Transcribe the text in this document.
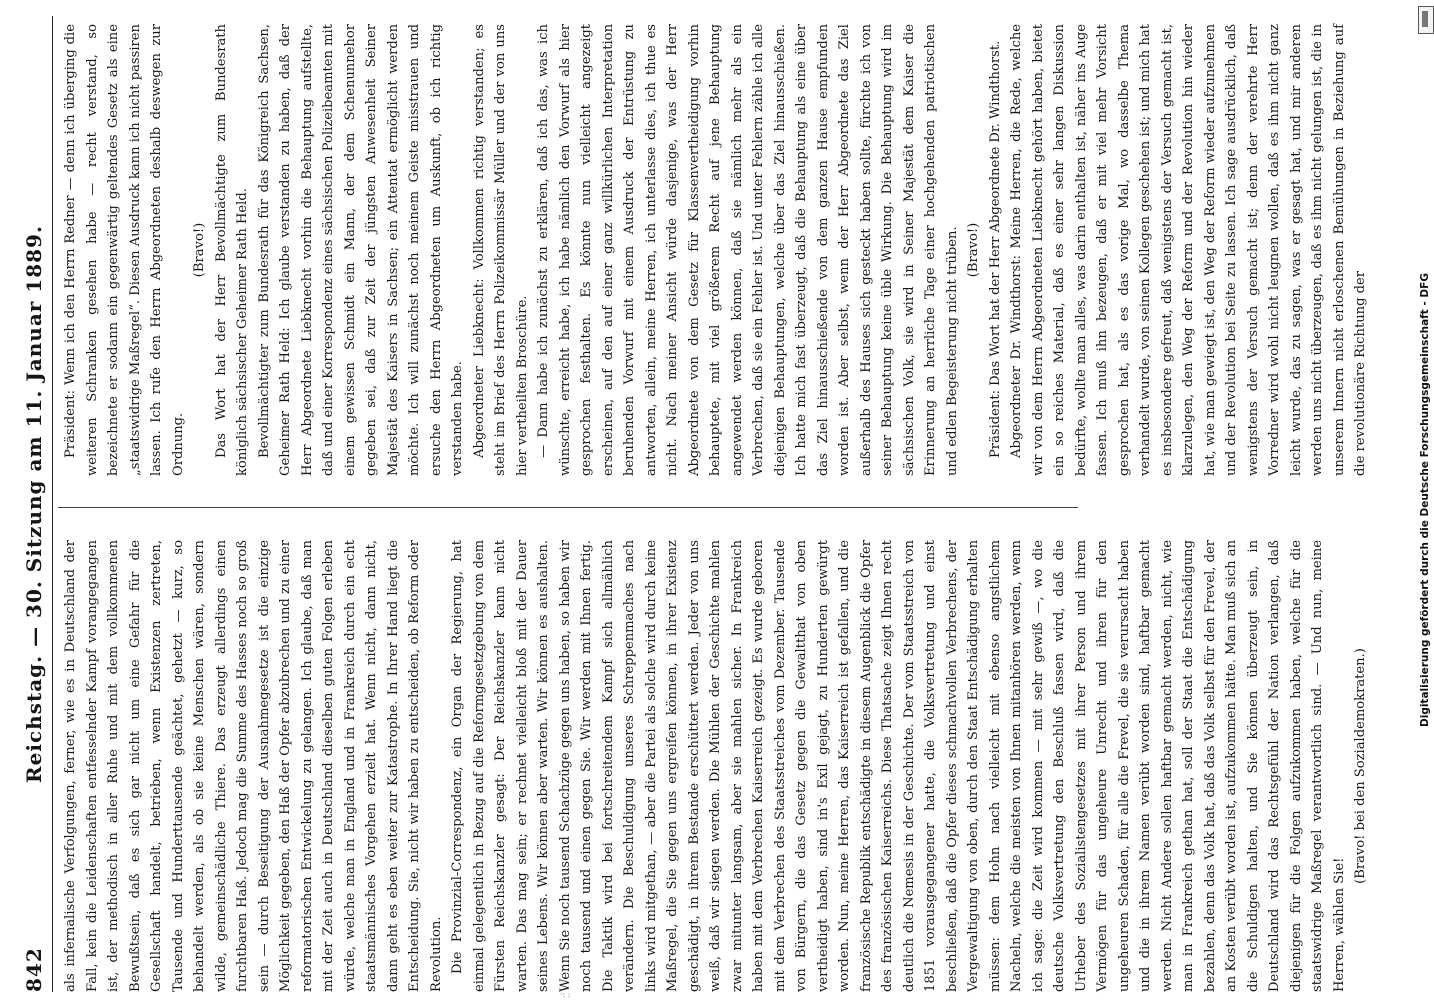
842
Reichstag. — 30. Sitzung am 11. Januar 1889. als infernalische Verfolgungen, ferner, wie es in Deutschland der Fall, kein die Leidenschaften entfesselnder Kampf vorangegangen ist, der methodisch in aller Ruhe und mit dem vollkommenen Bewußtsein, daß es sich gar nicht um eine Gefahr für die Gesellschaft handelt, betrieben, wenn Existenzen zertreten, Tausende und Hunderttausende geächtet, gehetzt — kurz, so behandelt werden, als ob sie keine Menschen wären, sondern wilde, gemeinschädliche Thiere. Das erzeugt allerdings einen furchtbaren Haß. Jedoch mag die Summe des Hasses noch so groß sein — durch Beseitigung der Ausnahmegesetze ist die einzige Möglichkeit gegeben, den Haß der Opfer abzubrechen und zu einer reformatorischen Entwickelung zu gelangen. Ich glaube, daß man mit der Zeit auch in Deutschland dieselben guten Folgen erleben würde, welche man in England und in Frankreich durch ein echt staatsmännisches Vorgehen erzielt hat. Wenn nicht, dann nicht, dann geht es eben weiter zur Katastrophe. In Ihrer Hand liegt die Entscheidung. Sie, nicht wir haben zu entscheiden, ob Reform oder Revolution. Die Provinzial-Correspondenz, ein Organ der Regierung, hat einmal gelegentlich in Bezug auf die Reformgesetzgebung von dem Fürsten Reichskanzler gesagt: Der Reichskanzler kann nicht warten. Das mag sein; er rechnet vielleicht bloß mit der Dauer seines Lebens. Wir können aber warten. Wir können es aushalten. Wenn Sie noch tausend Schachzüge gegen uns haben, so haben wir noch tausend und einen gegen Sie. Wir werden mit Ihnen fertig. Die Taktik wird bei fortschreitendem Kampf sich allmählich verändern. Die Beschuldigung unseres Schreppenmaches nach links wird mitgethan, — aber die Partei als solche wird durch keine Maßregel, die Sie gegen uns ergreifen können, in ihrer Existenz geschädigt, in ihrem Bestande erschüttert werden. Jeder von uns weiß, daß wir siegen werden. Die Mühlen der Geschichte mahlen zwar mitunter langsam, aber sie mahlen sicher. In Frankreich haben mit dem Verbrechen Kaiserreich gezeigt. Es wurde geboren mit dem Verbrechen des Staatsstreiches vom Dezember. Tausende von Bürgern, die das Gesetz gegen die Gewaltthat von oben vertheidigt haben, sind in's Exil gejagt, zu Hunderten gewürgt worden. Nun, meine Herren, das Kaiserreich ist gefallen, und die französische Republik entschädigte in diesem Augenblick die Opfer des französischen Kaiserreichs. Diese Thatsache zeigt Ihnen recht deutlich die Nemesis in der Geschichte. Der vom Staatsstreich von 1851 vorausgegangener hatte, die Volksvertretung und einst beschließen, daß die Opfer dieses schmachvollen Verbrechens, der Vergewaltigung von oben, durch den Staat Entschädigung erhalten müssen: dem Hohn nach vielleicht mit ebenso angstlichem Nacheln, welche die meisten von Ihnen mitanhören werden, wenn ich sage: die Zeit wird kommen — mit sehr gewiß —, wo die deutsche Volksvertretung den Beschluß fassen wird, daß die Urheber des Sozialistengesetzes mit ihrer Person und ihrem Vermögen für das ungeheure Unrecht und ihren für den ungeheuren Schaden, für alle die Frevel, die sie verursacht haben und die in ihrem Namen verübt worden sind, haftbar gemacht werden. Nicht Andere sollen haftbar gemacht werden, nicht, wie man in Frankreich gethan hat, soll der Staat die Entschädigung bezahlen, denn das Volk hat, daß das Volk selbst für den Frevel, der an Kosten verübt worden ist, aufzukommen hätte. Man muß sich an die Schuldigen halten, und Sie können überzeugt sein, in Deutschland wird das Rechtsgefühl der Nation verlangen, daß diejenigen für die Folgen aufzukommen haben, welche für die staatswidrige Maßregel verantwortlich sind. — Und nun, meine Herren, wählen Sie!

(Bravo! bei den Sozialdemokraten.)

Präsident: Wenn ich den Herrn Redner — denn ich überging die weiteren Schranken gesehen habe — recht verstand, so bezeichnete er sodann ein gegenwärtig geltendes Gesetz als eine „staatswidrige Maßregel“. Diesen Ausdruck kann ich nicht passiren lassen. Ich rufe den Herrn Abgeordneten deshalb deswegen zur Ordnung.

(Bravo!) Das Wort hat der Herr Bevollmächtigte zum Bundesrath königlich sächsischer Geheimer Rath Held. Bevollmächtigter zum Bundesrath für das Königreich Sachsen, Geheimer Rath Held: Ich glaube verstanden zu haben, daß der Herr Abgeordnete Liebknecht vorhin die Behauptung aufstellte, daß und einer Korrespondenz eines sächsischen Polizeibeamten mit einem gewissen Schmidt ein Mann, der dem Schenunnehor gegeben sei, daß zur Zeit der jüngsten Anwesenheit Seiner Majestät des Kaisers in Sachsen; ein Attentat ermöglicht werden möchte. Ich will zunächst noch meinem Geiste misstrauen und ersuche den Herrn Abgeordneten um Auskunft, ob ich richtig verstanden habe. Abgeordneter Liebknecht: Vollkommen richtig verstanden; es steht im Brief des Herrn Polizeikommissär Müller und der von uns hier vertheilten Broschüre. — Dann habe ich zunächst zu erklären, daß ich das, was ich wünschte, erreicht habe, ich habe nämlich den Vorwurf als hier gesprochen festhalten. Es könnte nun vielleicht angezeigt erscheinen, auf den auf einer ganz willkürlichen Interpretation beruhenden Vorwurf mit einem Ausdruck der Entrüstung zu antworten, allein, meine Herren, ich unterlasse dies, ich thue es nicht. Nach meiner Ansicht würde dasjenige, was der Herr Abgeordnete von dem Gesetz für Klassenvertheidigung vorhin behauptete, mit viel größerem Recht auf jene Behauptung angewendet werden können, daß sie nämlich mehr als ein Verbrechen, daß sie ein Fehler ist. Und unter Fehlern zähle ich alle diejenigen Behauptungen, welche über das Ziel hinausschießen. Ich hatte mich fast überzeugt, daß die Behauptung als eine über das Ziel hinausschießende von dem ganzen Hause empfunden worden ist. Aber selbst, wenn der Herr Abgeordnete das Ziel außerhalb des Hauses sich gesteckt haben sollte, fürchte ich von seiner Behauptung keine üble Wirkung. Die Behauptung wird im sächsischen Volk, sie wird in Seiner Majestät dem Kaiser die Erinnerung an herrliche Tage einer hochgehenden patriotischen und edlen Begeisterung nicht trüben. (Bravo!) Präsident: Das Wort hat der Herr Abgeordnete Dr. Windthorst. Abgeordneter Dr. Windthorst: Meine Herren, die Rede, welche wir von dem Herrn Abgeordneten Liebknecht gehört haben, bietet ein so reiches Material, daß es einer sehr langen Diskussion bedürfte, wollte man alles, was darin enthalten ist, näher ins Auge fassen. Ich muß ihn bezeugen, daß er mit viel mehr Vorsicht gesprochen hat, als es das vorige Mal, wo dasselbe Thema verhandelt wurde, von seinen Kollegen geschehen ist; und mich hat es insbesondere gefreut, daß wenigstens der Versuch gemacht ist, klarzulegen, den Weg der Reform und der Revolution hin wieder hat, wie man gewiegt ist, den Weg der Reform wieder aufzunehmen und der Revolution bei Seite zu lassen. Ich sage ausdrücklich, daß wenigstens der Versuch gemacht ist; denn der verehrte Herr Vorredner wird wohl nicht leugnen wollen, daß es ihm nicht ganz leicht wurde, das zu sagen, was er gesagt hat, und mir anderen werden uns nicht überzeugen, daß es ihm nicht gelungen ist, die in unserem Innern nicht erloschenen Bemühungen in Beziehung auf die revolutionäre Richtung der	Digitalisierung gefördert durch die Deutsche Forschungsgemeinschaft - DFG
·: :
